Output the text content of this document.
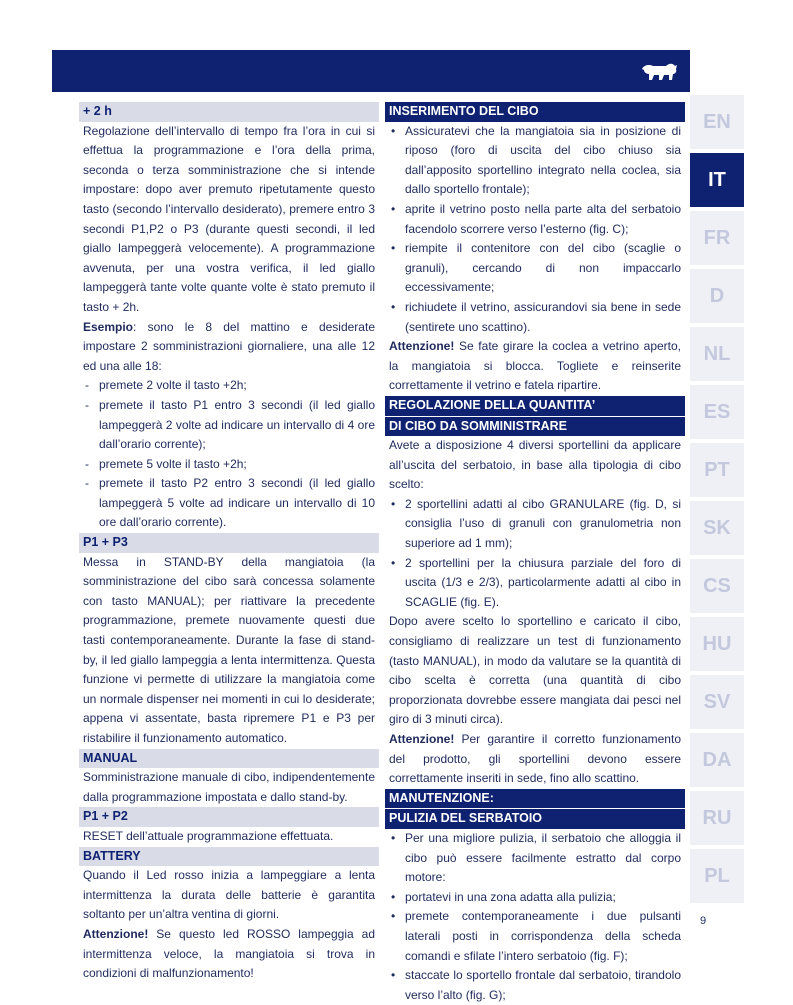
EN
IT
FR
D
NL
ES
PT
SK
CS
HU
SV
DA
RU
PL
+ 2 h

Regolazione dell’intervallo di tempo fra l’ora in cui si effettua la programmazione e l’ora della prima, seconda o terza somministrazione che si intende impostare: dopo aver premuto ripetutamente questo tasto (secondo l’intervallo desiderato), premere entro 3 secondi P1,P2 o P3 (durante questi secondi, il led giallo lampeggerà velocemente). A programmazione avvenuta, per una vostra verifica, il led giallo lampeggerà tante volte quante volte è stato premuto il tasto + 2h.

Esempio: sono le 8 del mattino e desiderate impostare 2 somministrazioni giornaliere, una alle 12 ed una alle 18:

- premete 2 volte il tasto +2h;
- premete il tasto P1 entro 3 secondi (il led giallo lampeggerà 2 volte ad indicare un intervallo di 4 ore dall’orario corrente);
- premete 5 volte il tasto +2h;
- premete il tasto P2 entro 3 secondi (il led giallo lampeggerà 5 volte ad indicare un intervallo di 10 ore dall’orario corrente).
P1 + P3

Messa in STAND-BY della mangiatoia (la somministrazione del cibo sarà concessa solamente con tasto MANUAL); per riattivare la precedente programmazione, premete nuovamente questi due tasti contemporaneamente. Durante la fase di stand-by, il led giallo lampeggia a lenta intermittenza. Questa funzione vi permette di utilizzare la mangiatoia come un normale dispenser nei momenti in cui lo desiderate; appena vi assentate, basta ripremere P1 e P3 per ristabilire il funzionamento automatico.

MANUAL

Somministrazione manuale di cibo, indipendentemente dalla programmazione impostata e dallo stand-by.

P1 + P2

RESET dell’attuale programmazione effettuata.

BATTERY

Quando il Led rosso inizia a lampeggiare a lenta intermittenza la durata delle batterie è garantita soltanto per un’altra ventina di giorni.

Attenzione! Se questo led ROSSO lampeggia ad intermittenza veloce, la mangiatoia si trova in condizioni di malfunzionamento!

INSERIMENTO DEL CIBO
• Assicuratevi che la mangiatoia sia in posizione di riposo (foro di uscita del cibo chiuso sia dall’apposito sportellino integrato nella coclea, sia dallo sportello frontale);
• aprite il vetrino posto nella parte alta del serbatoio facendolo scorrere verso l’esterno (fig. C);
• riempite il contenitore con del cibo (scaglie o granuli), cercando di non impaccarlo eccessivamente;
• richiudete il vetrino, assicurandovi sia bene in sede (sentirete uno scattino).

Attenzione! Se fate girare la coclea a vetrino aperto, la mangiatoia si blocca. Togliete e reinserite correttamente il vetrino e fatela ripartire.

REGOLAZIONE DELLA QUANTITA’
DI CIBO DA SOMMINISTRARE

Avete a disposizione 4 diversi sportellini da applicare all’uscita del serbatoio, in base alla tipologia di cibo scelto:

• 2 sportellini adatti al cibo GRANULARE (fig. D, si consiglia l’uso di granuli con granulometria non superiore ad 1 mm);
• 2 sportellini per la chiusura parziale del foro di uscita (1/3 e 2/3), particolarmente adatti al cibo in SCAGLIE (fig. E).

Dopo avere scelto lo sportellino e caricato il cibo, consigliamo di realizzare un test di funzionamento (tasto MANUAL), in modo da valutare se la quantità di cibo scelta è corretta (una quantità di cibo proporzionata dovrebbe essere mangiata dai pesci nel giro di 3 minuti circa).

Attenzione! Per garantire il corretto funzionamento del prodotto, gli sportellini devono essere correttamente inseriti in sede, fino allo scattino.

MANUTENZIONE:
PULIZIA DEL SERBATOIO
• Per una migliore pulizia, il serbatoio che alloggia il cibo può essere facilmente estratto dal corpo motore:
• portatevi in una zona adatta alla pulizia;
• premete contemporaneamente i due pulsanti laterali posti in corrispondenza della scheda comandi e sfilate l’intero serbatoio (fig. F);
• staccate lo sportello frontale dal serbatoio, tirandolo verso l’alto (fig. G);
9
